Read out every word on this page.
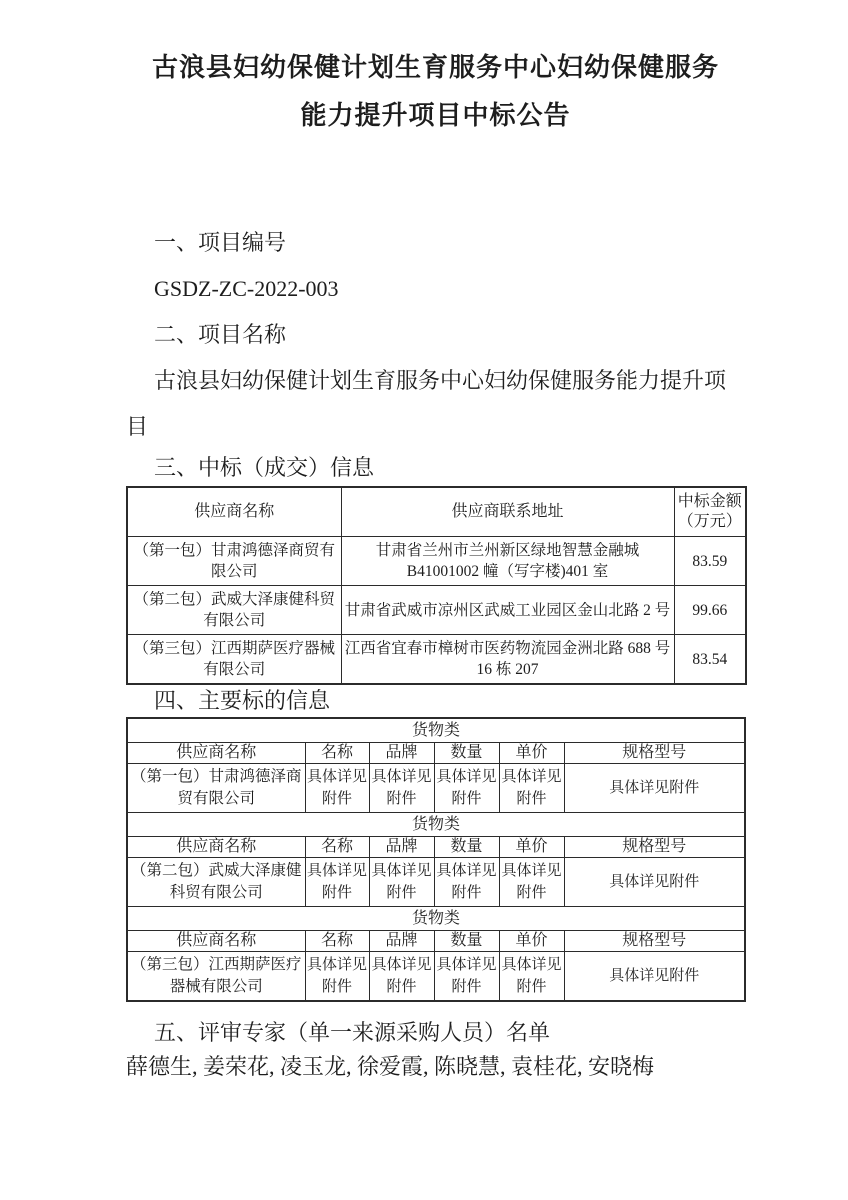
古浪县妇幼保健计划生育服务中心妇幼保健服务
能力提升项目中标公告

一、项目编号

GSDZ-ZC-2022-003

二、项目名称

古浪县妇幼保健计划生育服务中心妇幼保健服务能力提升项目

三、中标（成交）信息

供应商名称	供应商联系地址	中标金额（万元）
（第一包）甘肃鸿德泽商贸有限公司	甘肃省兰州市兰州新区绿地智慧金融城 B41001002 幢（写字楼)401 室	83.59
（第二包）武威大泽康健科贸有限公司	甘肃省武威市凉州区武威工业园区金山北路 2 号	99.66
（第三包）江西期萨医疗器械有限公司	江西省宜春市樟树市医药物流园金洲北路 688 号 16 栋 207	83.54

四、主要标的信息

货物类					
供应商名称	名称	品牌	数量	单价	规格型号
（第一包）甘肃鸿德泽商贸有限公司	具体详见附件	具体详见附件	具体详见附件	具体详见附件	具体详见附件
货物类					
供应商名称	名称	品牌	数量	单价	规格型号
（第二包）武威大泽康健科贸有限公司	具体详见附件	具体详见附件	具体详见附件	具体详见附件	具体详见附件
货物类					
供应商名称	名称	品牌	数量	单价	规格型号
（第三包）江西期萨医疗器械有限公司	具体详见附件	具体详见附件	具体详见附件	具体详见附件	具体详见附件

五、评审专家（单一来源采购人员）名单

薛德生, 姜荣花, 凌玉龙, 徐爱霞, 陈晓慧, 袁桂花, 安晓梅
